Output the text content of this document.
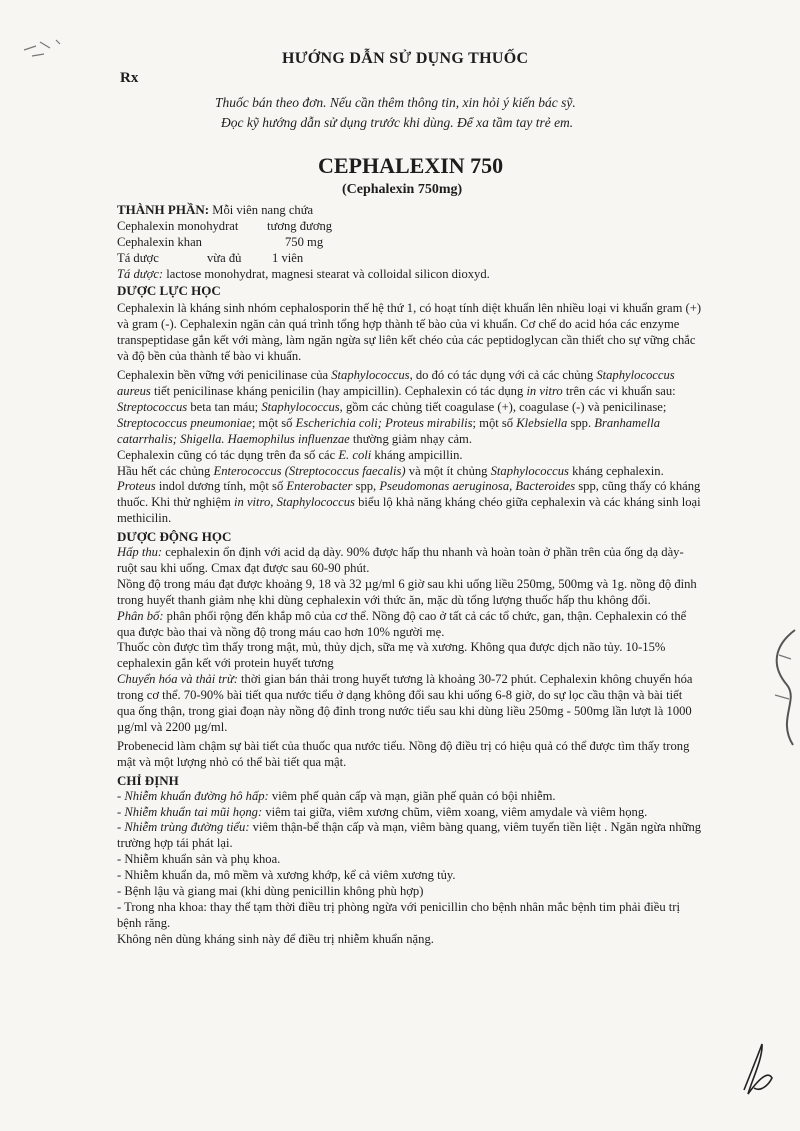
Rx
HƯỚNG DẪN SỬ DỤNG THUỐC
Thuốc bán theo đơn. Nếu cần thêm thông tin, xin hỏi ý kiến bác sỹ.
Đọc kỹ hướng dẫn sử dụng trước khi dùng. Để xa tầm tay trẻ em.
CEPHALEXIN 750
(Cephalexin 750mg)

THÀNH PHẦN: Mỗi viên nang chứa

Cephalexin monohydrat tương đương
Cephalexin khan	750 mg
Tá dược	vừa đủ 1 viên

Tá dược: lactose monohydrat, magnesi stearat và colloidal silicon dioxyd.

DƯỢC LỰC HỌC

Cephalexin là kháng sinh nhóm cephalosporin thế hệ thứ 1, có hoạt tính diệt khuẩn lên nhiều loại vi khuẩn gram (+) và gram (-). Cephalexin ngăn cản quá trình tổng hợp thành tế bào của vi khuẩn. Cơ chế do acid hóa các enzyme transpeptidase gắn kết với màng, làm ngăn ngừa sự liên kết chéo của các peptidoglycan cần thiết cho sự vững chắc và độ bền của thành tế bào vi khuẩn.

Cephalexin bền vững với penicilinase của Staphylococcus, do đó có tác dụng với cả các chủng Staphylococcus aureus tiết penicilinase kháng penicilin (hay ampicillin). Cephalexin có tác dụng in vitro trên các vi khuẩn sau: Streptococcus beta tan máu; Staphylococcus, gồm các chủng tiết coagulase (+), coagulase (-) và penicilinase; Streptococcus pneumoniae; một số Escherichia coli; Proteus mirabilis; một số Klebsiella spp. Branhamella catarrhalis; Shigella. Haemophilus influenzae thường giảm nhạy cảm.

Cephalexin cũng có tác dụng trên đa số các E. coli kháng ampicillin.

Hầu hết các chủng Enterococcus (Streptococcus faecalis) và một ít chủng Staphylococcus kháng cephalexin. Proteus indol dương tính, một số Enterobacter spp, Pseudomonas aeruginosa, Bacteroides spp, cũng thấy có kháng thuốc. Khi thử nghiệm in vitro, Staphylococcus biểu lộ khả năng kháng chéo giữa cephalexin và các kháng sinh loại methicilin.

DƯỢC ĐỘNG HỌC

Hấp thu: cephalexin ổn định với acid dạ dày. 90% được hấp thu nhanh và hoàn toàn ở phần trên của ống dạ dày-ruột sau khi uống. Cmax đạt được sau 60-90 phút.

Nồng độ trong máu đạt được khoảng 9, 18 và 32 µg/ml 6 giờ sau khi uống liều 250mg, 500mg và 1g. nồng độ đỉnh trong huyết thanh giảm nhẹ khi dùng cephalexin với thức ăn, mặc dù tổng lượng thuốc hấp thu không đổi.

Phân bố: phân phối rộng đến khắp mô của cơ thể. Nồng độ cao ở tất cả các tổ chức, gan, thận. Cephalexin có thể qua được bào thai và nồng độ trong máu cao hơn 10% người mẹ.

Thuốc còn được tìm thấy trong mật, mủ, thủy dịch, sữa mẹ và xương. Không qua được dịch não tủy. 10-15% cephalexin gắn kết với protein huyết tương

Chuyển hóa và thải trừ: thời gian bán thải trong huyết tương là khoảng 30-72 phút. Cephalexin không chuyển hóa trong cơ thể. 70-90% bài tiết qua nước tiểu ở dạng không đổi sau khi uống 6-8 giờ, do sự lọc cầu thận và bài tiết qua ống thận, trong giai đoạn này nồng độ đỉnh trong nước tiểu sau khi dùng liều 250mg - 500mg lần lượt là 1000 µg/ml và 2200 µg/ml.

Probenecid làm chậm sự bài tiết của thuốc qua nước tiểu. Nồng độ điều trị có hiệu quả có thể được tìm thấy trong mật và một lượng nhỏ có thể bài tiết qua mật.

CHỈ ĐỊNH

- Nhiễm khuẩn đường hô hấp: viêm phế quản cấp và mạn, giãn phế quản có bội nhiễm.

- Nhiễm khuẩn tai mũi họng: viêm tai giữa, viêm xương chũm, viêm xoang, viêm amydale và viêm họng.

- Nhiễm trùng đường tiểu: viêm thận-bể thận cấp và mạn, viêm bàng quang, viêm tuyến tiền liệt . Ngăn ngừa những trường hợp tái phát lại.

- Nhiễm khuẩn sản và phụ khoa.

- Nhiễm khuẩn da, mô mềm và xương khớp, kể cả viêm xương tủy.

- Bệnh lậu và giang mai (khi dùng penicillin không phù hợp)

- Trong nha khoa: thay thế tạm thời điều trị phòng ngừa với penicillin cho bệnh nhân mắc bệnh tim phải điều trị bệnh răng.

Không nên dùng kháng sinh này để điều trị nhiễm khuẩn nặng.
